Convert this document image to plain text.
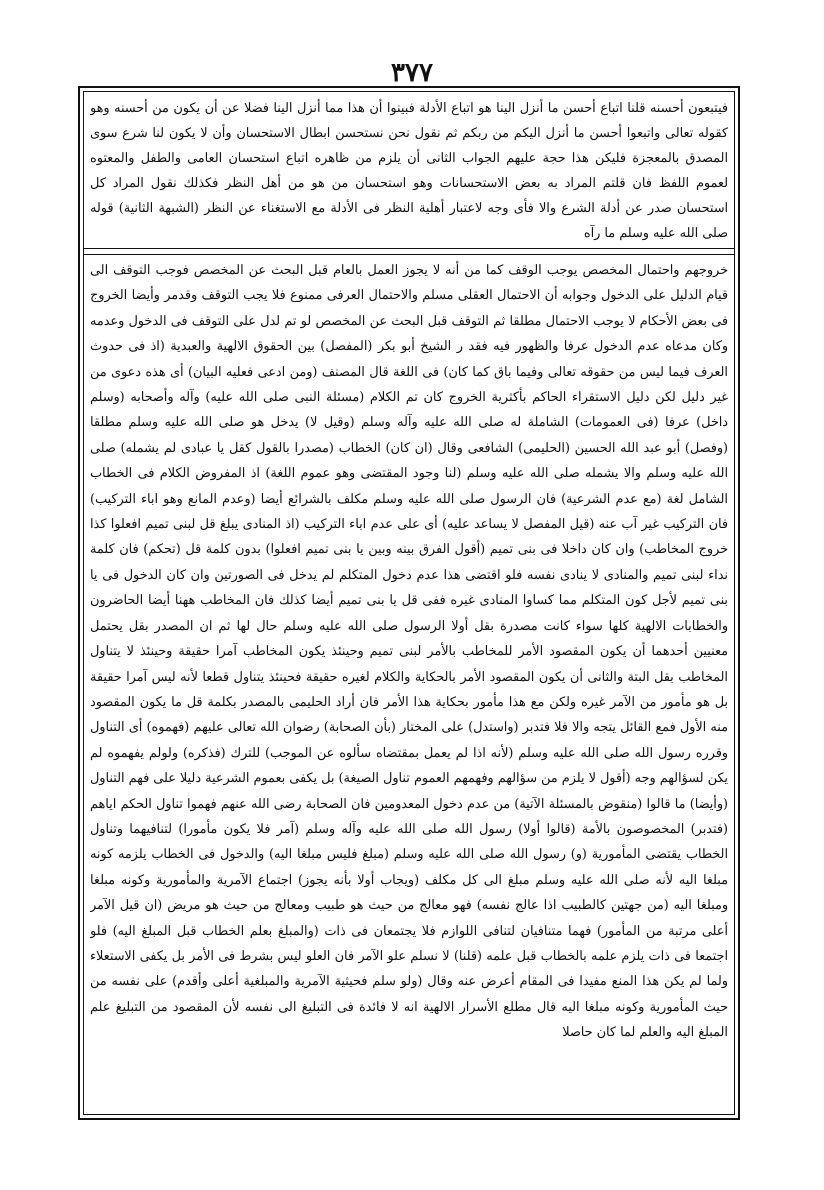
٣٧٧

فيتبعون أحسنه قلنا اتباع أحسن ما أنزل الينا هو اتباع الأدلة فبينوا أن هذا مما أنزل الينا فضلا عن أن يكون من أحسنه وهو كقوله تعالى واتبعوا أحسن ما أنزل اليكم من ربكم ثم نقول نحن نستحسن ابطال الاستحسان وأن لا يكون لنا شرع سوى المصدق بالمعجزة فليكن هذا حجة عليهم الجواب الثانى أن يلزم من ظاهره اتباع استحسان العامى والطفل والمعتوه لعموم اللفظ فان قلتم المراد به بعض الاستحسانات وهو استحسان من هو من أهل النظر فكذلك نقول المراد كل استحسان صدر عن أدلة الشرع والا فأى وجه لاعتبار أهلية النظر فى الأدلة مع الاستغناء عن النظر (الشبهة الثانية) قوله صلى الله عليه وسلم ما رآه

خروجهم واحتمال المخصص يوجب الوقف كما من أنه لا يجوز العمل بالعام قبل البحث عن المخصص فوجب التوقف الى قيام الدليل على الدخول وجوابه أن الاحتمال العقلى مسلم والاحتمال العرفى ممنوع فلا يجب التوقف وقدمر وأيضا الخروج فى بعض الأحكام لا يوجب الاحتمال مطلقا ثم التوقف قبل البحث عن المخصص لو تم لدل على التوقف فى الدخول وعدمه وكان مدعاه عدم الدخول عرفا والظهور فيه فقد ر الشيخ أبو بكر (المفصل) بين الحقوق الالهية والعبدية (اذ فى حدوث العرف فيما ليس من حقوقه تعالى وفيما باق كما كان) فى اللغة قال المصنف (ومن ادعى فعليه البيان) أى هذه دعوى من غير دليل لكن دليل الاستقراء الحاكم بأكثرية الخروج كان تم الكلام (مسئلة النبى صلى الله عليه) وآله وأصحابه (وسلم داخل) عرفا (فى العمومات) الشاملة له صلى الله عليه وآله وسلم (وقيل لا) يدخل هو صلى الله عليه وسلم مطلقا (وفصل) أبو عبد الله الحسين (الحليمى) الشافعى وقال (ان كان) الخطاب (مصدرا بالقول كقل يا عبادى لم يشمله) صلى الله عليه وسلم والا يشمله صلى الله عليه وسلم (لنا وجود المقتضى وهو عموم اللغة) اذ المفروض الكلام فى الخطاب الشامل لغة (مع عدم الشرعية) فان الرسول صلى الله عليه وسلم مكلف بالشرائع أيضا (وعدم المانع وهو اباء التركيب) فان التركيب غير آب عنه (قيل المفصل لا يساعد عليه) أى على عدم اباء التركيب (اذ المنادى يبلغ قل لبنى تميم افعلوا كذا خروج المخاطب) وان كان داخلا فى بنى تميم (أقول الفرق بينه وبين يا بنى تميم افعلوا) بدون كلمة قل (تحكم) فان كلمة نداء لبنى تميم والمنادى لا ينادى نفسه فلو اقتضى هذا عدم دخول المتكلم لم يدخل فى الصورتين وان كان الدخول فى يا بنى تميم لأجل كون المتكلم مما كساوا المنادى غيره ففى قل يا بنى تميم أيضا كذلك فان المخاطب ههنا أيضا الحاضرون والخطابات الالهية كلها سواء كانت مصدرة بقل أولا الرسول صلى الله عليه وسلم حال لها ثم ان المصدر بقل يحتمل معنيين أحدهما أن يكون المقصود الأمر للمخاطب بالأمر لبنى تميم وحينئذ يكون المخاطب آمرا حقيقة وحينئذ لا يتناول المخاطب بقل البتة والثانى أن يكون المقصود الأمر بالحكاية والكلام لغيره حقيقة فحينئذ يتناول قطعا لأنه ليس آمرا حقيقة بل هو مأمور من الآمر غيره ولكن مع هذا مأمور بحكاية هذا الأمر فان أراد الحليمى بالمصدر بكلمة قل ما يكون المقصود منه الأول فمع القائل يتجه والا فلا فتدبر (واستدل) على المختار (بأن الصحابة) رضوان الله تعالى عليهم (فهموه) أى التناول وقرره رسول الله صلى الله عليه وسلم (لأنه اذا لم يعمل بمقتضاه سألوه عن الموجب) للترك (فذكره) ولولم يفهموه لم يكن لسؤالهم وجه (أقول لا يلزم من سؤالهم وفهمهم العموم تناول الصيغة) بل يكفى بعموم الشرعية دليلا على فهم التناول (وأيضا) ما قالوا (منقوض بالمسئلة الآتية) من عدم دخول المعدومين فان الصحابة رضى الله عنهم فهموا تناول الحكم اياهم (فتدبر) المخصوصون بالأمة (قالوا أولا) رسول الله صلى الله عليه وآله وسلم (آمر فلا يكون مأمورا) لتنافيهما وتناول الخطاب يقتضى المأمورية (و) رسول الله صلى الله عليه وسلم (مبلغ فليس مبلغا اليه) والدخول فى الخطاب يلزمه كونه مبلغا اليه لأنه صلى الله عليه وسلم مبلغ الى كل مكلف (ويجاب أولا بأنه يجوز) اجتماع الآمرية والمأمورية وكونه مبلغا ومبلغا اليه (من جهتين كالطبيب اذا عالج نفسه) فهو معالج من حيث هو طبيب ومعالج من حيث هو مريض (ان قيل الآمر أعلى مرتبة من المأمور) فهما متنافيان لتنافى اللوازم فلا يجتمعان فى ذات (والمبلغ بعلم الخطاب قبل المبلغ اليه) فلو اجتمعا فى ذات يلزم علمه بالخطاب قبل علمه (قلنا) لا نسلم علو الآمر فان العلو ليس بشرط فى الأمر بل يكفى الاستعلاء ولما لم يكن هذا المنع مفيدا فى المقام أعرض عنه وقال (ولو سلم فحيثية الآمرية والمبلغية أعلى وأقدم) على نفسه من حيث المأمورية وكونه مبلغا اليه قال مطلع الأسرار الالهية انه لا فائدة فى التبليغ الى نفسه لأن المقصود من التبليغ علم المبلغ اليه والعلم لما كان حاصلا
